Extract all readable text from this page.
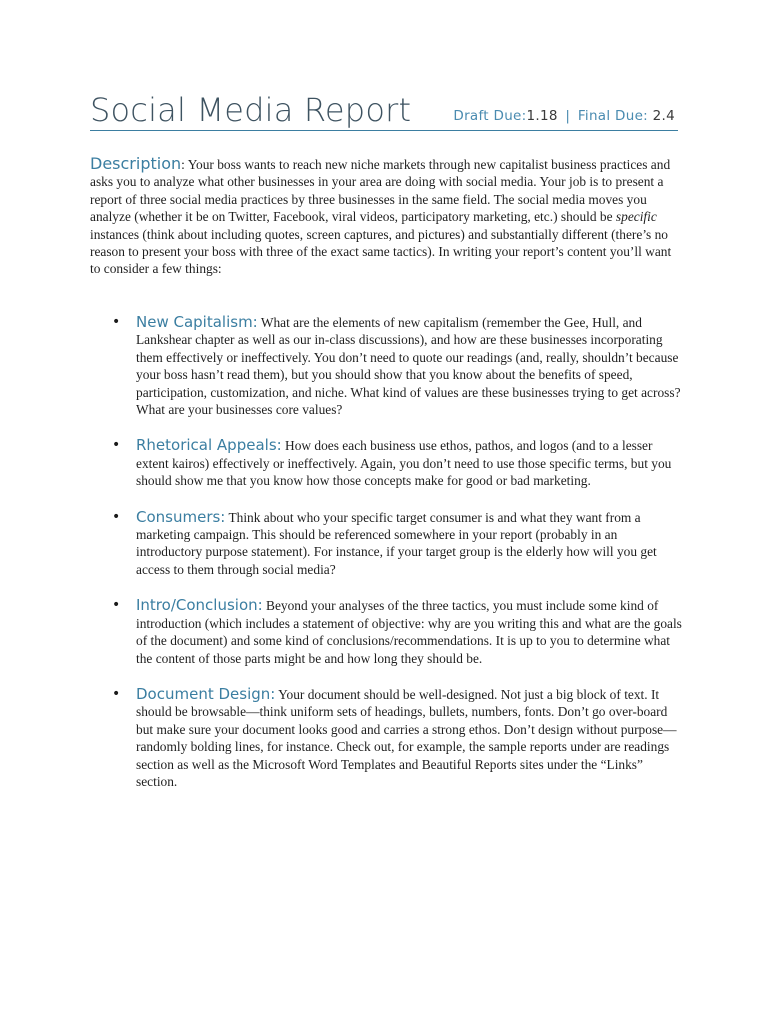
Social Media Report	Draft Due:1.18 | Final Due: 2.4
Description: Your boss wants to reach new niche markets through new capitalist business practices and asks you to analyze what other businesses in your area are doing with social media. Your job is to present a report of three social media practices by three businesses in the same field. The social media moves you analyze (whether it be on Twitter, Facebook, viral videos, participatory marketing, etc.) should be specific instances (think about including quotes, screen captures, and pictures) and substantially different (there’s no reason to present your boss with three of the exact same tactics). In writing your report’s content you’ll want to consider a few things:
• New Capitalism: What are the elements of new capitalism (remember the Gee, Hull, and Lankshear chapter as well as our in-class discussions), and how are these businesses incorporating them effectively or ineffectively. You don’t need to quote our readings (and, really, shouldn’t because your boss hasn’t read them), but you should show that you know about the benefits of speed, participation, customization, and niche. What kind of values are these businesses trying to get across? What are your businesses core values?
• Rhetorical Appeals: How does each business use ethos, pathos, and logos (and to a lesser extent kairos) effectively or ineffectively. Again, you don’t need to use those specific terms, but you should show me that you know how those concepts make for good or bad marketing.
• Consumers: Think about who your specific target consumer is and what they want from a marketing campaign. This should be referenced somewhere in your report (probably in an introductory purpose statement). For instance, if your target group is the elderly how will you get access to them through social media?
• Intro/Conclusion: Beyond your analyses of the three tactics, you must include some kind of introduction (which includes a statement of objective: why are you writing this and what are the goals of the document) and some kind of conclusions/recommendations. It is up to you to determine what the content of those parts might be and how long they should be.
• Document Design: Your document should be well-designed. Not just a big block of text. It should be browsable—think uniform sets of headings, bullets, numbers, fonts. Don’t go over-board but make sure your document looks good and carries a strong ethos. Don’t design without purpose—randomly bolding lines, for instance. Check out, for example, the sample reports under are readings section as well as the Microsoft Word Templates and Beautiful Reports sites under the “Links” section.
